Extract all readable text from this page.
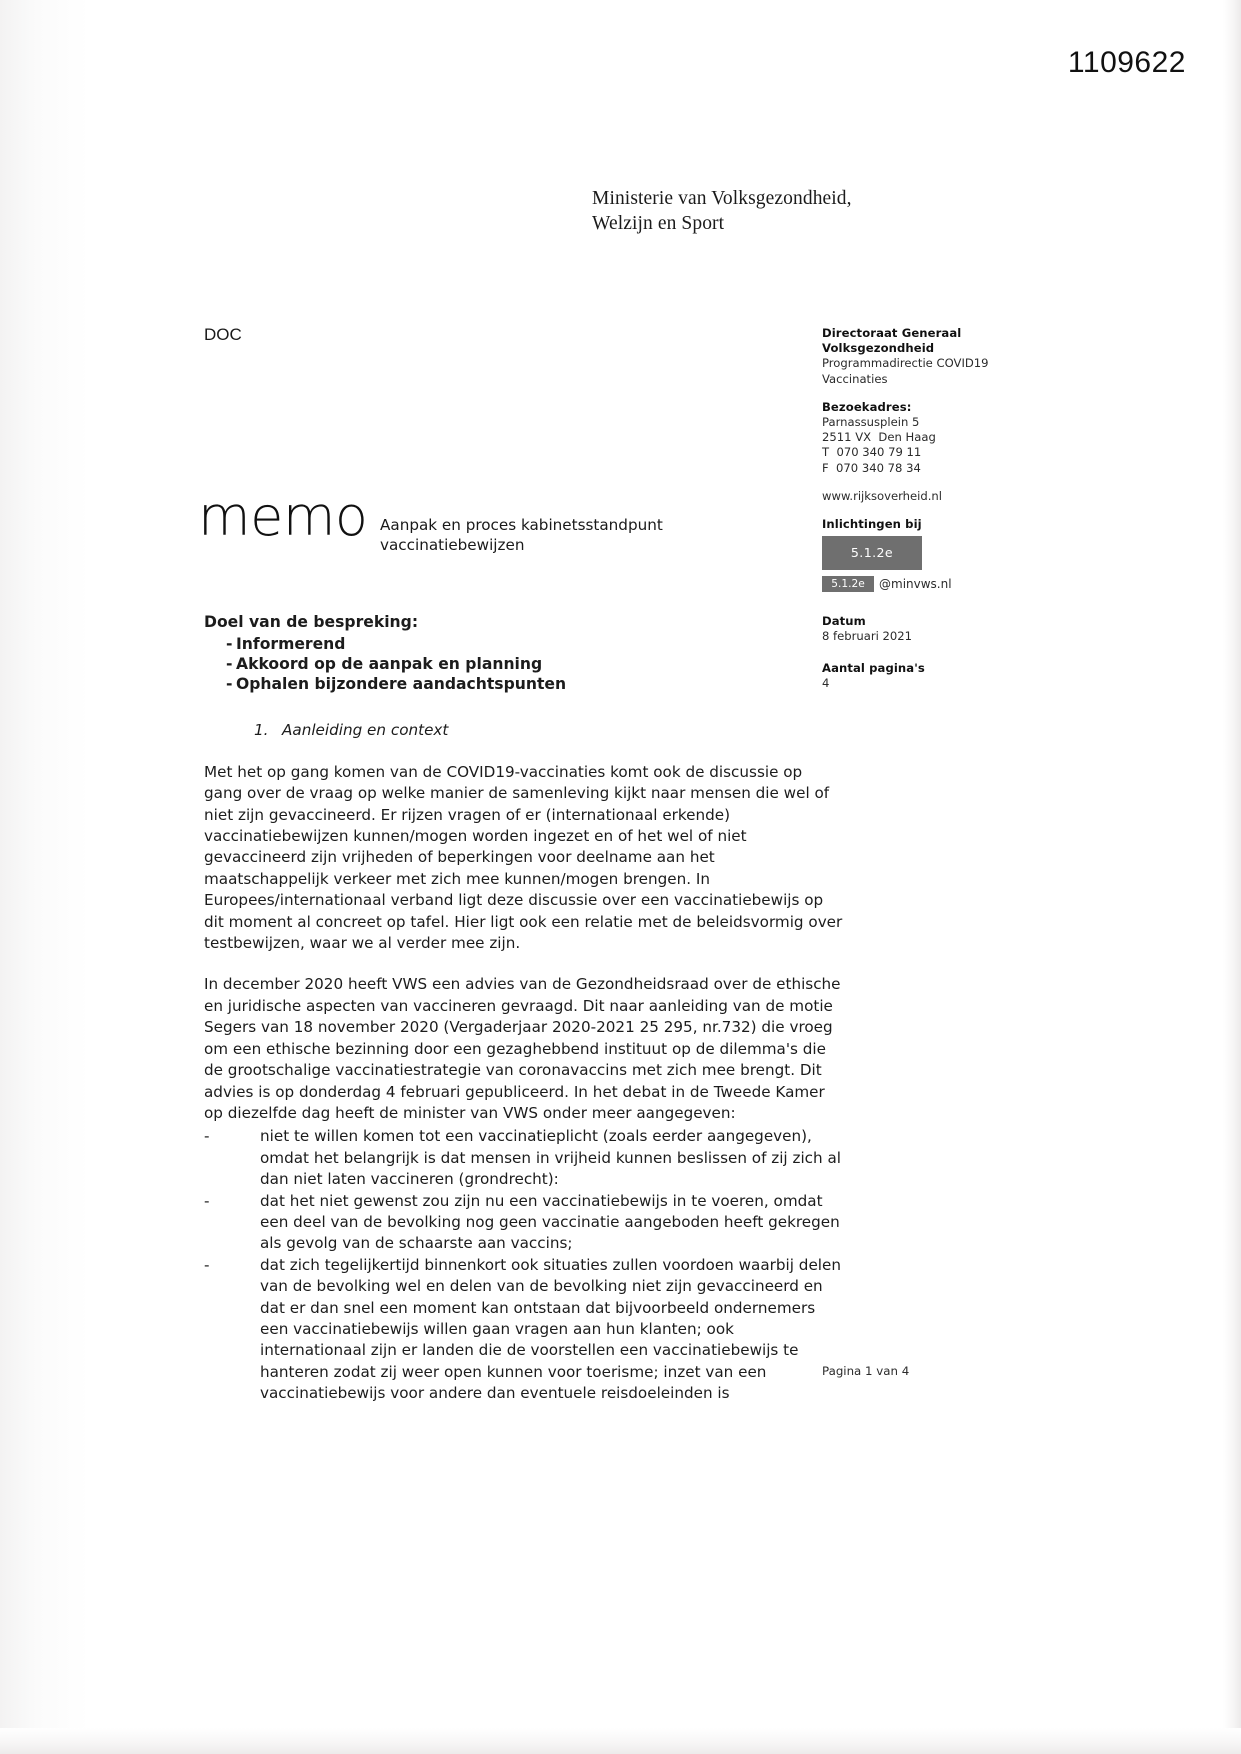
1109622
Ministerie van Volksgezondheid,
Welzijn en Sport
DOC
memo Aanpak en proces kabinetsstandpunt vaccinatiebewijzen
Directoraat Generaal
Volksgezondheid
Programmadirectie COVID19
Vaccinaties
Bezoekadres:
Parnassusplein 5
2511 VX  Den Haag
T  070 340 79 11
F  070 340 78 34
www.rijksoverheid.nl
Inlichtingen bij
5.1.2e
5.1.2e @minvws.nl
Datum
8 februari 2021
Aantal pagina's
4
Doel van de bespreking:
- Informerend
- Akkoord op de aanpak en planning
- Ophalen bijzondere aandachtspunten
1. Aanleiding en context
Met het op gang komen van de COVID19-vaccinaties komt ook de discussie op gang over de vraag op welke manier de samenleving kijkt naar mensen die wel of niet zijn gevaccineerd. Er rijzen vragen of er (internationaal erkende) vaccinatiebewijzen kunnen/mogen worden ingezet en of het wel of niet gevaccineerd zijn vrijheden of beperkingen voor deelname aan het maatschappelijk verkeer met zich mee kunnen/mogen brengen. In Europees/internationaal verband ligt deze discussie over een vaccinatiebewijs op dit moment al concreet op tafel. Hier ligt ook een relatie met de beleidsvormig over testbewijzen, waar we al verder mee zijn.
In december 2020 heeft VWS een advies van de Gezondheidsraad over de ethische en juridische aspecten van vaccineren gevraagd. Dit naar aanleiding van de motie Segers van 18 november 2020 (Vergaderjaar 2020-2021 25 295, nr.732) die vroeg om een ethische bezinning door een gezaghebbend instituut op de dilemma's die de grootschalige vaccinatiestrategie van coronavaccins met zich mee brengt. Dit advies is op donderdag 4 februari gepubliceerd. In het debat in de Tweede Kamer op diezelfde dag heeft de minister van VWS onder meer aangegeven:
-	niet te willen komen tot een vaccinatieplicht (zoals eerder aangegeven), omdat het belangrijk is dat mensen in vrijheid kunnen beslissen of zij zich al dan niet laten vaccineren (grondrecht):
-	dat het niet gewenst zou zijn nu een vaccinatiebewijs in te voeren, omdat een deel van de bevolking nog geen vaccinatie aangeboden heeft gekregen als gevolg van de schaarste aan vaccins;
-	dat zich tegelijkertijd binnenkort ook situaties zullen voordoen waarbij delen van de bevolking wel en delen van de bevolking niet zijn gevaccineerd en dat er dan snel een moment kan ontstaan dat bijvoorbeeld ondernemers een vaccinatiebewijs willen gaan vragen aan hun klanten; ook internationaal zijn er landen die de voorstellen een vaccinatiebewijs te hanteren zodat zij weer open kunnen voor toerisme; inzet van een vaccinatiebewijs voor andere dan eventuele reisdoeleinden is
Pagina 1 van 4
